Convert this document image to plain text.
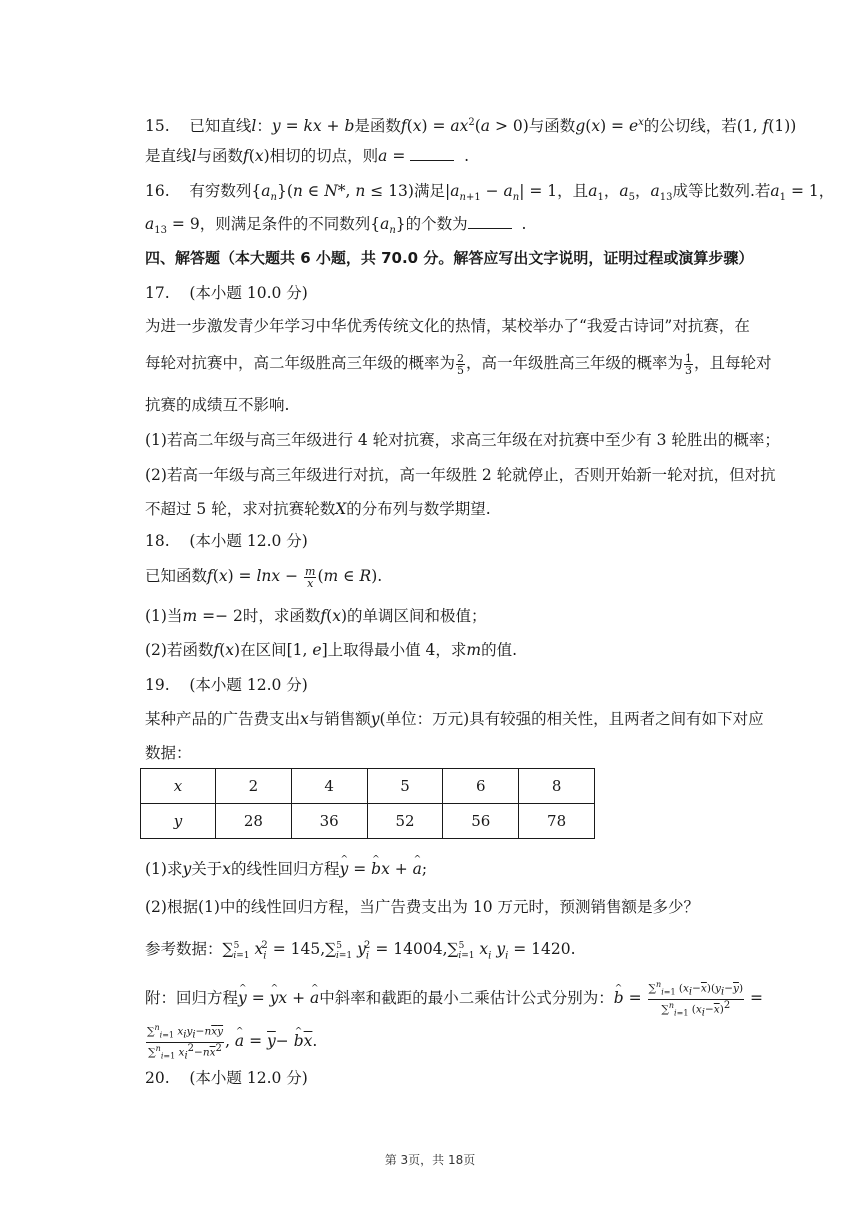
15. 已知直线l：y = kx + b是函数$f(x) = ax^2(a > 0)$与函数$g(x) = e^x$的公切线，若(1, f(1))
是直线l与函数f(x)相切的切点，则a =	.
16. 有穷数列$\{a_n\}(n$ ∈ N*, n ≤ 13)满足$|a_{n+1} - a_n| = 1$，且$a_1$，$a_5$，$a_{13}$成等比数列.若$a_1 = 1$，
$a_{13} = 9$，则满足条件的不同数列$\{a_n\}$的个数为	.
四、解答题（本大题共 6 小题，共 70.0 分。解答应写出文字说明，证明过程或演算步骤）
17. (本小题 10.0 分)
为进一步激发青少年学习中华优秀传统文化的热情，某校举办了“我爱古诗词”对抗赛，在
每轮对抗赛中，高二年级胜高三年级的概率为 $\frac{2}{5}$ ，高一年级胜高三年级的概率为 $\frac{1}{3}$ ，且每轮对
抗赛的成绩互不影响.
(1)若高二年级与高三年级进行 4 轮对抗赛，求高三年级在对抗赛中至少有 3 轮胜出的概率；
(2)若高一年级与高三年级进行对抗，高一年级胜 2 轮就停止，否则开始新一轮对抗，但对抗
不超过 5 轮，求对抗赛轮数X的分布列与数学期望.
18. (本小题 12.0 分)
已知函数$f(x) = \ln x - \frac{m}{x} (m$ ∈ R).
(1)当m =− 2时，求函数f(x)的单调区间和极值；
(2)若函数f(x)在区间[1, e]上取得最小值 4，求m的值.
19. (本小题 12.0 分)
某种产品的广告费支出x与销售额y(单位：万元)具有较强的相关性，且两者之间有如下对应
数据：
x	2	4	5	6	8
y	28	36	52	56	78
(1)求y关于x的线性回归方程^ y = ^ bx + ^ a;
(2)根据(1)中的线性回归方程，当广告费支出为 10 万元时，预测销售额是多少？
参考数据：∑$^5_{i=1}$ $x_i^2 = 145,\sum^5_{i=1}$ $y_i^2 = 14004,\sum^5_{i=1}$ $x_i$ $y_i = 1420$.
附：回归方程^ y = ^ yx + ^ a中斜率和截距的最小二乘估计公式分别为：^ $b = \frac{\sum^n_{i=1} (x_i-\overline{x})(y_i-\overline{y})}{\sum^n_{i=1} (x_i-\overline{x})^2}$ =
$\frac{\sum^n_{i=1} x_iy_i-n\overline{x}\overline{y}}{\sum^n_{i=1} x_i^2-n\overline{x}^2}$ , ^ $a = \overline{y}-$ ^ $b\overline{x}$.
20. (本小题 12.0 分)
第 3页，共 18页
